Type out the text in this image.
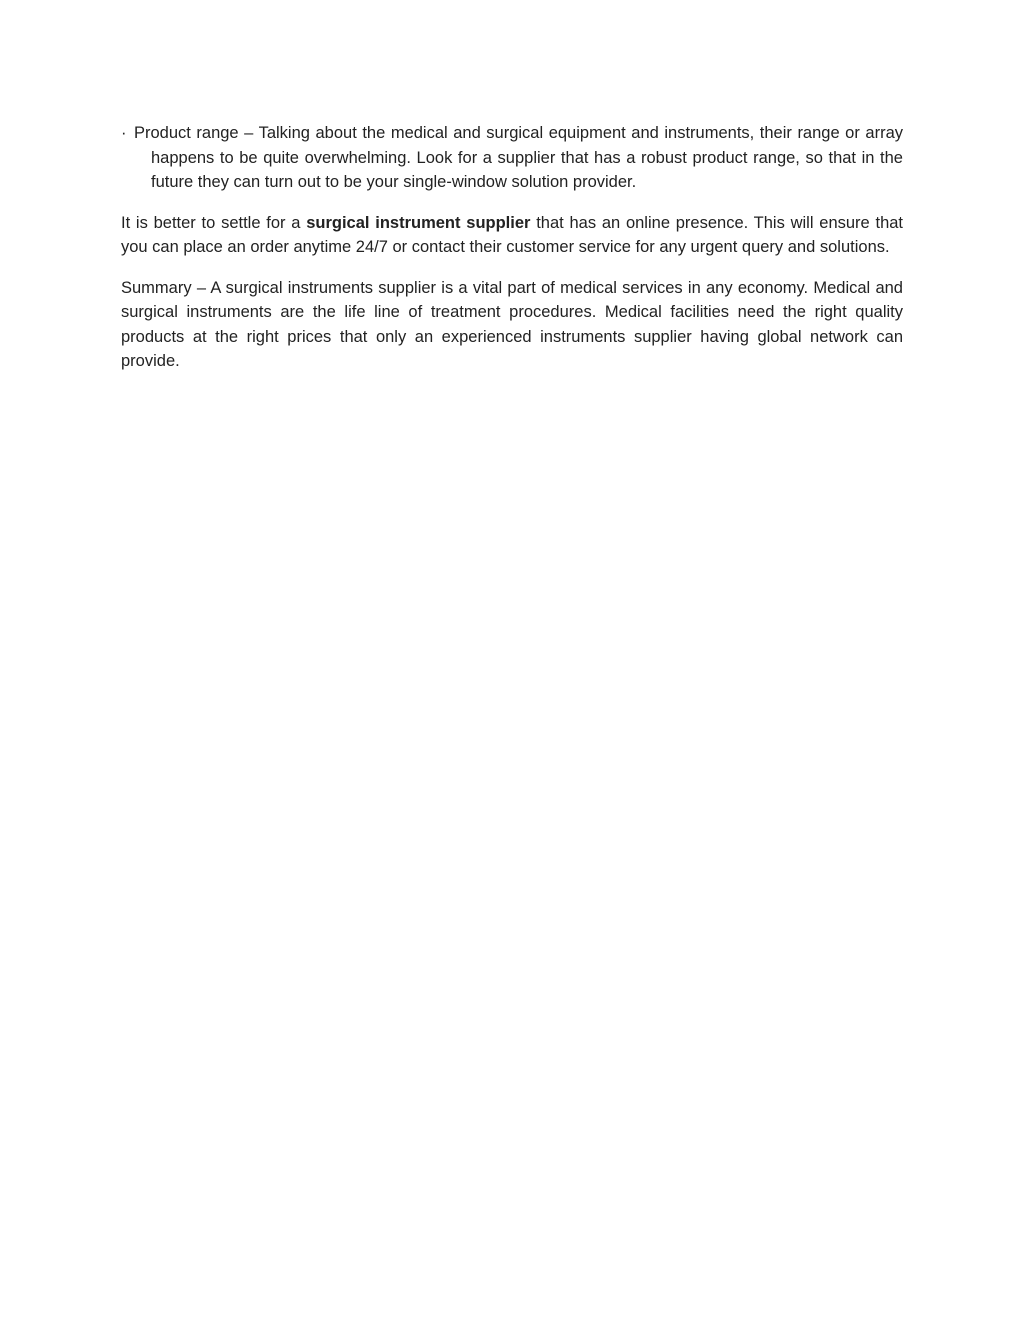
· Product range – Talking about the medical and surgical equipment and instruments, their range or array happens to be quite overwhelming. Look for a supplier that has a robust product range, so that in the future they can turn out to be your single-window solution provider.

It is better to settle for a surgical instrument supplier that has an online presence. This will ensure that you can place an order anytime 24/7 or contact their customer service for any urgent query and solutions.

Summary – A surgical instruments supplier is a vital part of medical services in any economy. Medical and surgical instruments are the life line of treatment procedures. Medical facilities need the right quality products at the right prices that only an experienced instruments supplier having global network can provide.
